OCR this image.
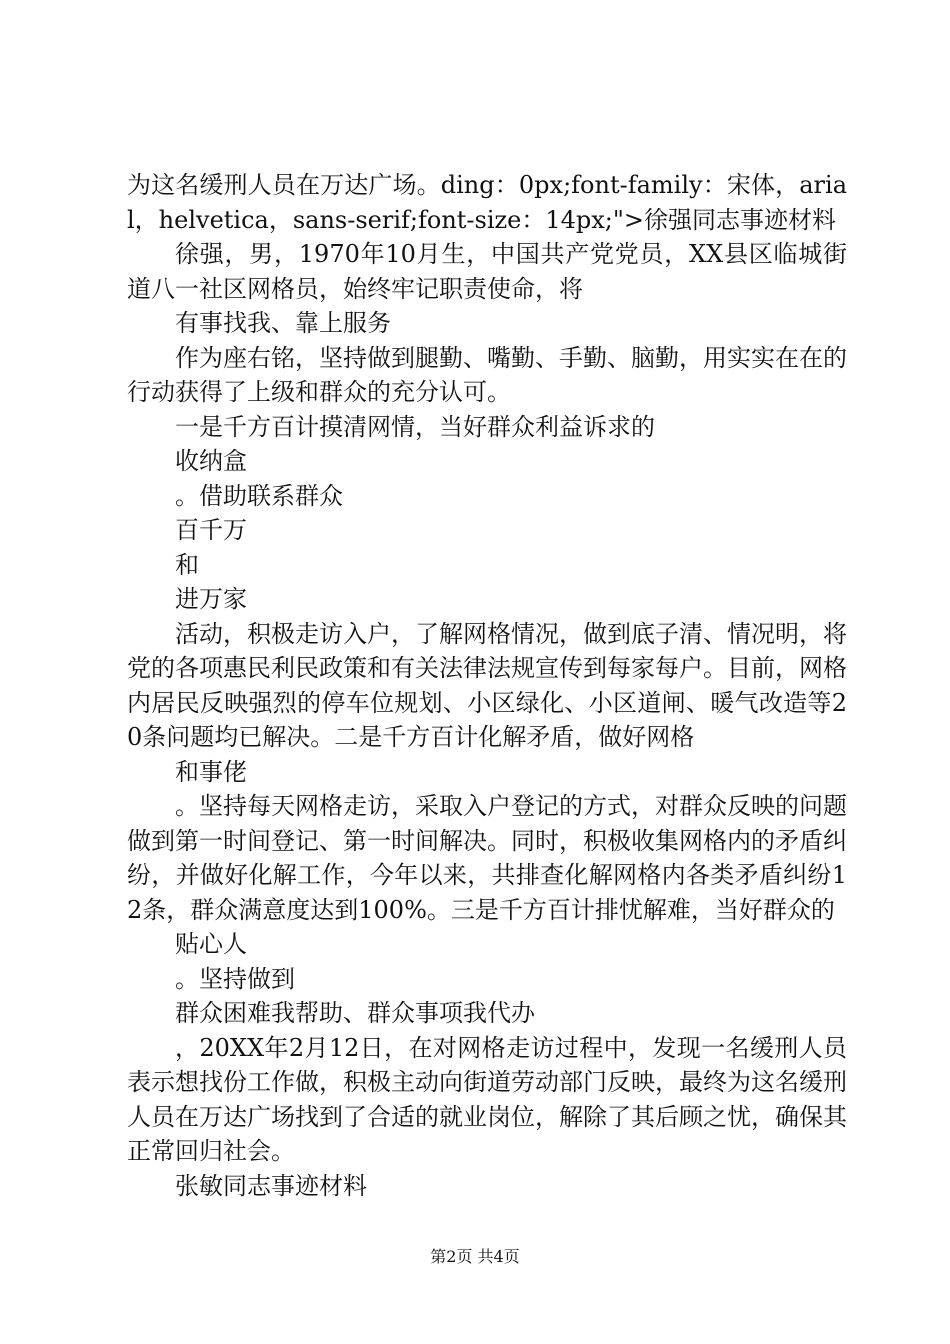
为这名缓刑人员在万达广场。ding：0px;font-family：宋体，arial，helvetica，sans-serif;font-size：14px;">徐强同志事迹材料

徐强，男，1970年10月生，中国共产党党员，XX县区临城街道八一社区网格员，始终牢记职责使命，将

有事找我、靠上服务

作为座右铭，坚持做到腿勤、嘴勤、手勤、脑勤，用实实在在的行动获得了上级和群众的充分认可。

一是千方百计摸清网情，当好群众利益诉求的

收纳盒

。借助联系群众

百千万

和

进万家

活动，积极走访入户，了解网格情况，做到底子清、情况明，将党的各项惠民利民政策和有关法律法规宣传到每家每户。目前，网格内居民反映强烈的停车位规划、小区绿化、小区道闸、暖气改造等20条问题均已解决。二是千方百计化解矛盾，做好网格

和事佬

。坚持每天网格走访，采取入户登记的方式，对群众反映的问题做到第一时间登记、第一时间解决。同时，积极收集网格内的矛盾纠纷，并做好化解工作，今年以来，共排查化解网格内各类矛盾纠纷12条，群众满意度达到100%。三是千方百计排忧解难，当好群众的

贴心人

。坚持做到

群众困难我帮助、群众事项我代办

，20XX年2月12日，在对网格走访过程中，发现一名缓刑人员表示想找份工作做，积极主动向街道劳动部门反映，最终为这名缓刑人员在万达广场找到了合适的就业岗位，解除了其后顾之忧，确保其正常回归社会。

张敏同志事迹材料

第2页 共4页
